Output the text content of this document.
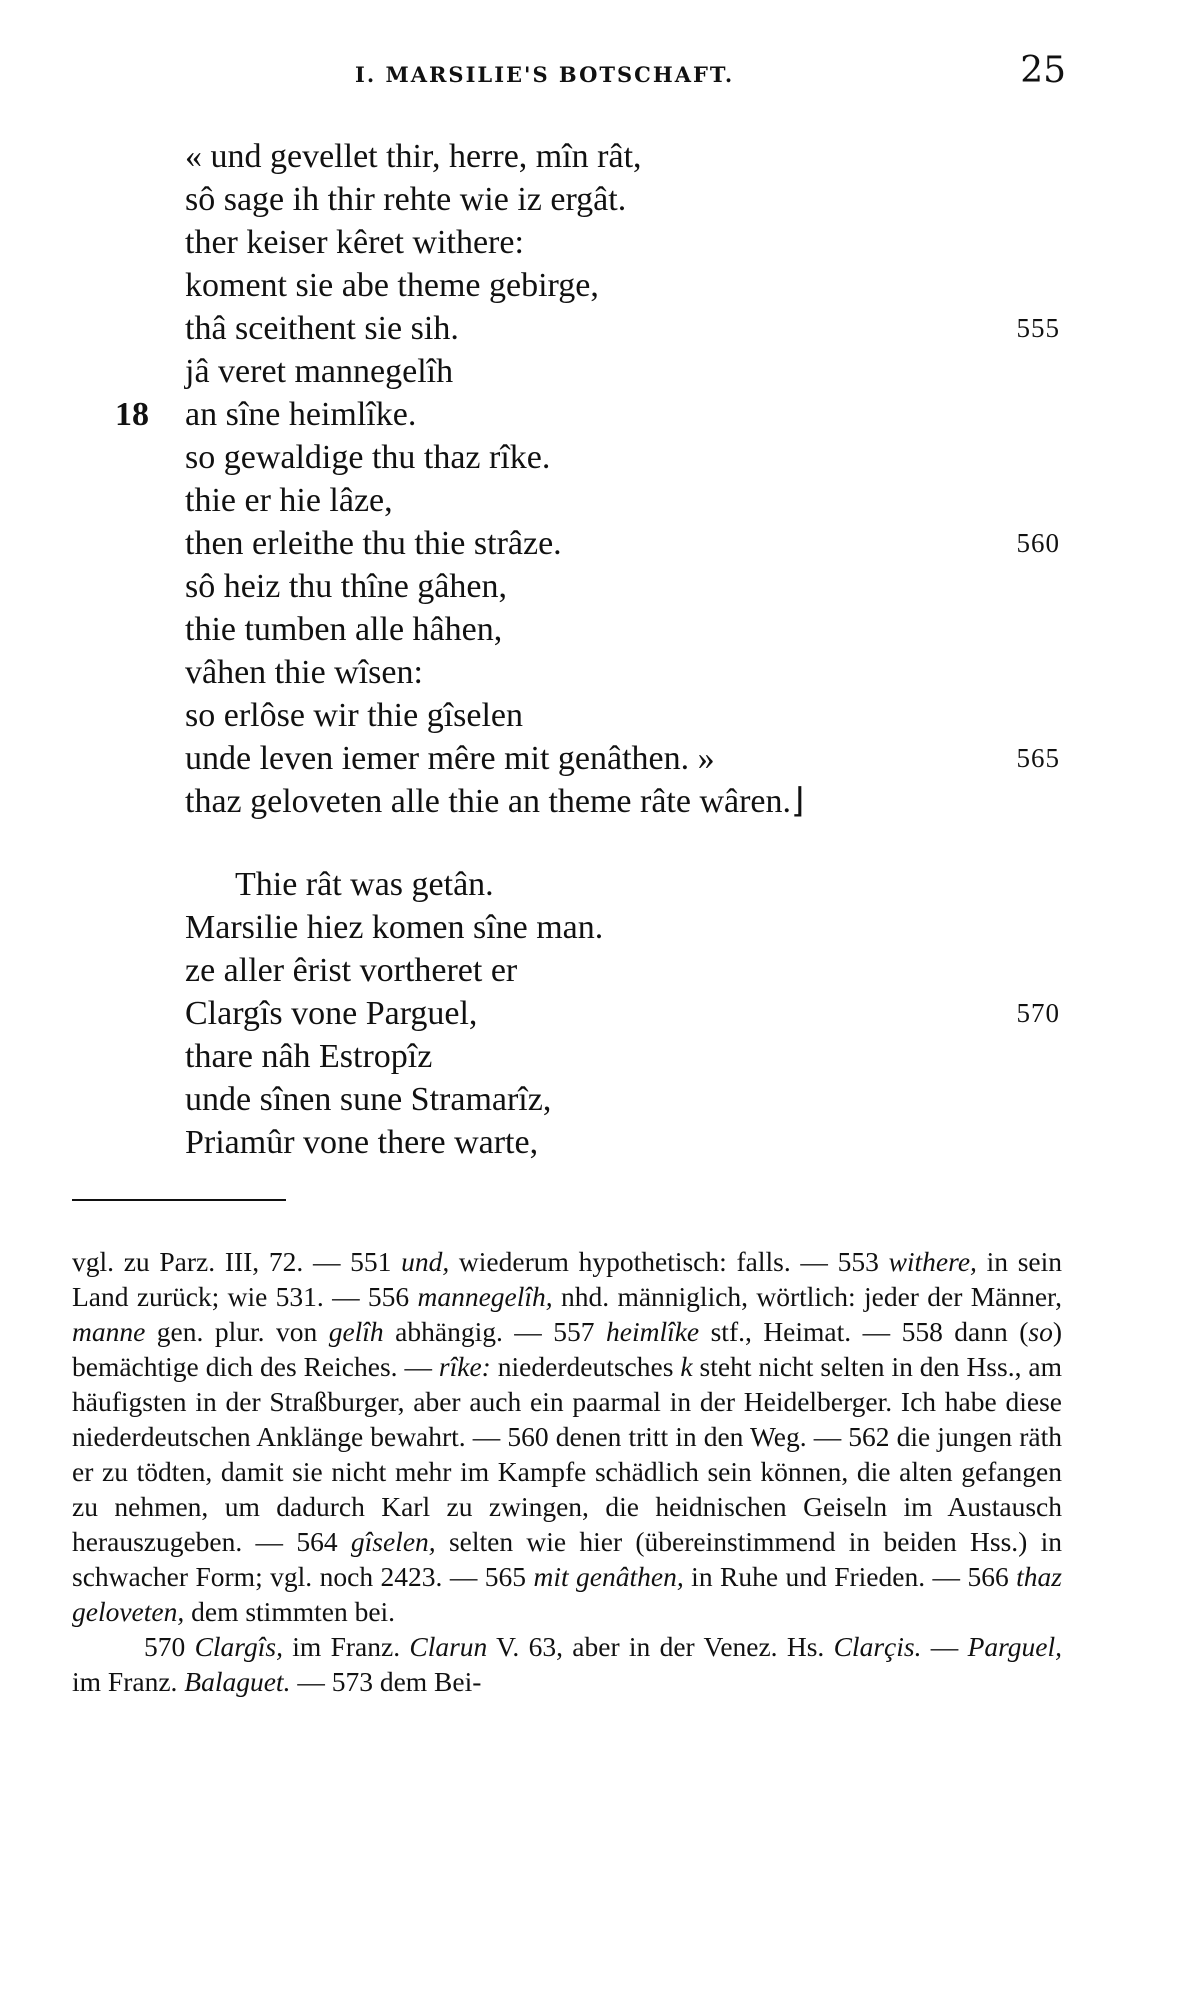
I. MARSILIE'S BOTSCHAFT.	25
« und gevellet thir, herre, mîn rât,
sô sage ih thir rehte wie iz ergât.
ther keiser kêret withere:
koment sie abe theme gebirge,
thâ sceithent sie sih.	555
jâ veret mannegelîh
an sîne heimlîke.
18
so gewaldige thu thaz rîke.
thie er hie lâze,
then erleithe thu thie strâze.	560
sô heiz thu thîne gâhen,
thie tumben alle hâhen,
vâhen thie wîsen:
so erlôse wir thie gîselen
unde leven iemer mêre mit genâthen. »	565
thaz geloveten alle thie an theme râte wâren.⌋
Thie rât was getân.
Marsilie hiez komen sîne man.
ze aller êrist vortheret er
Clargîs vone Parguel,	570
thare nâh Estropîz
unde sînen sune Stramarîz,
Priamûr vone there warte,

vgl. zu Parz. III, 72. — 551 und, wiederum hypothetisch: falls. — 553 withere, in sein Land zurück; wie 531. — 556 mannegelîh, nhd. männiglich, wörtlich: jeder der Männer, manne gen. plur. von gelîh abhängig. — 557 heimlîke stf., Heimat. — 558 dann (so) bemächtige dich des Reiches. — rîke: niederdeutsches k steht nicht selten in den Hss., am häufigsten in der Straßburger, aber auch ein paarmal in der Heidelberger. Ich habe diese niederdeutschen Anklänge bewahrt. — 560 denen tritt in den Weg. — 562 die jungen räth er zu tödten, damit sie nicht mehr im Kampfe schädlich sein können, die alten gefangen zu nehmen, um dadurch Karl zu zwingen, die heidnischen Geiseln im Austausch herauszugeben. — 564 gîselen, selten wie hier (übereinstimmend in beiden Hss.) in schwacher Form; vgl. noch 2423. — 565 mit genâthen, in Ruhe und Frieden. — 566 thaz geloveten, dem stimmten bei.

570 Clargîs, im Franz. Clarun V. 63, aber in der Venez. Hs. Clarçis. — Parguel, im Franz. Balaguet. — 573 dem Bei-
